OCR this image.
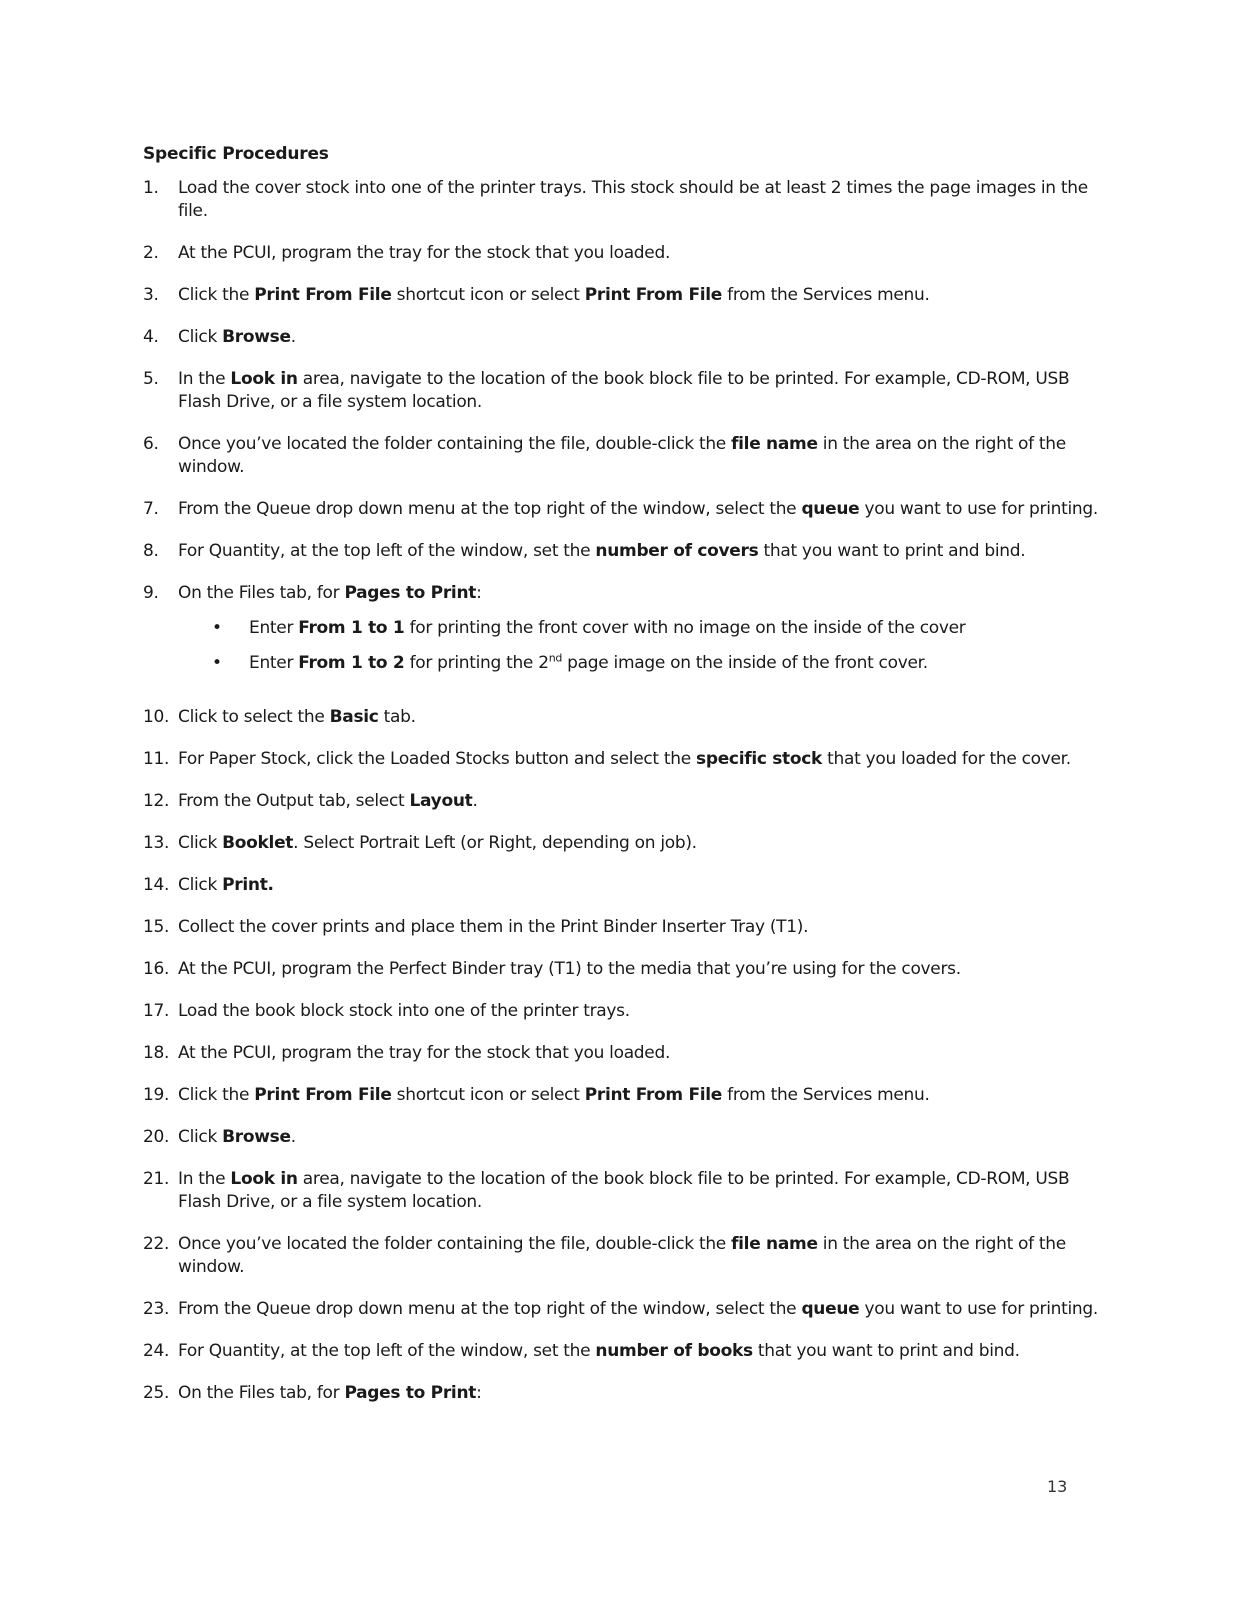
Specific Procedures
1.	Load the cover stock into one of the printer trays. This stock should be at least 2 times the page images in the file.
2.	At the PCUI, program the tray for the stock that you loaded.
3.	Click the Print From File shortcut icon or select Print From File from the Services menu.
4.	Click Browse.
5.	In the Look in area, navigate to the location of the book block file to be printed. For example, CD-ROM, USB Flash Drive, or a file system location.
6.	Once you’ve located the folder containing the file, double-click the file name in the area on the right of the window.
7.	From the Queue drop down menu at the top right of the window, select the queue you want to use for printing.
8.	For Quantity, at the top left of the window, set the number of covers that you want to print and bind.
9.	On the Files tab, for Pages to Print:
•	Enter From 1 to 1 for printing the front cover with no image on the inside of the cover
•	Enter From 1 to 2 for printing the 2nd page image on the inside of the front cover.
10. Click to select the Basic tab.
11. For Paper Stock, click the Loaded Stocks button and select the specific stock that you loaded for the cover.
12. From the Output tab, select Layout.
13. Click Booklet. Select Portrait Left (or Right, depending on job).
14. Click Print.
15. Collect the cover prints and place them in the Print Binder Inserter Tray (T1).
16. At the PCUI, program the Perfect Binder tray (T1) to the media that you’re using for the covers.
17. Load the book block stock into one of the printer trays.
18. At the PCUI, program the tray for the stock that you loaded.
19. Click the Print From File shortcut icon or select Print From File from the Services menu.
20. Click Browse.
21. In the Look in area, navigate to the location of the book block file to be printed. For example, CD-ROM, USB Flash Drive, or a file system location.
22. Once you’ve located the folder containing the file, double-click the file name in the area on the right of the window.
23. From the Queue drop down menu at the top right of the window, select the queue you want to use for printing.
24. For Quantity, at the top left of the window, set the number of books that you want to print and bind.
25. On the Files tab, for Pages to Print:
13
